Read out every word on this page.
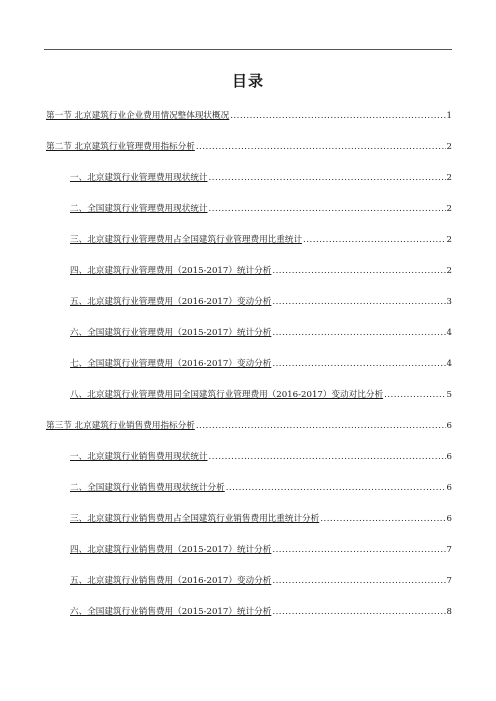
目录
第一节 北京建筑行业企业费用情况整体现状概况 .....	1
第二节 北京建筑行业管理费用指标分析 .....	2
一、北京建筑行业管理费用现状统计 .....	2
二、全国建筑行业管理费用现状统计 .....	2
三、北京建筑行业管理费用占全国建筑行业管理费用比重统计 .....	2
四、北京建筑行业管理费用（2015-2017）统计分析 .....	2
五、北京建筑行业管理费用（2016-2017）变动分析 .....	3
六、全国建筑行业管理费用（2015-2017）统计分析 .....	4
七、全国建筑行业管理费用（2016-2017）变动分析 .....	4
八、北京建筑行业管理费用同全国建筑行业管理费用（2016-2017）变动对比分析 .....	5
第三节 北京建筑行业销售费用指标分析 .....	6
一、北京建筑行业销售费用现状统计 .....	6
二、全国建筑行业销售费用现状统计分析 .....	6
三、北京建筑行业销售费用占全国建筑行业销售费用比重统计分析 .....	6
四、北京建筑行业销售费用（2015-2017）统计分析 .....	7
五、北京建筑行业销售费用（2016-2017）变动分析 .....	7
六、全国建筑行业销售费用（2015-2017）统计分析 .....	8
